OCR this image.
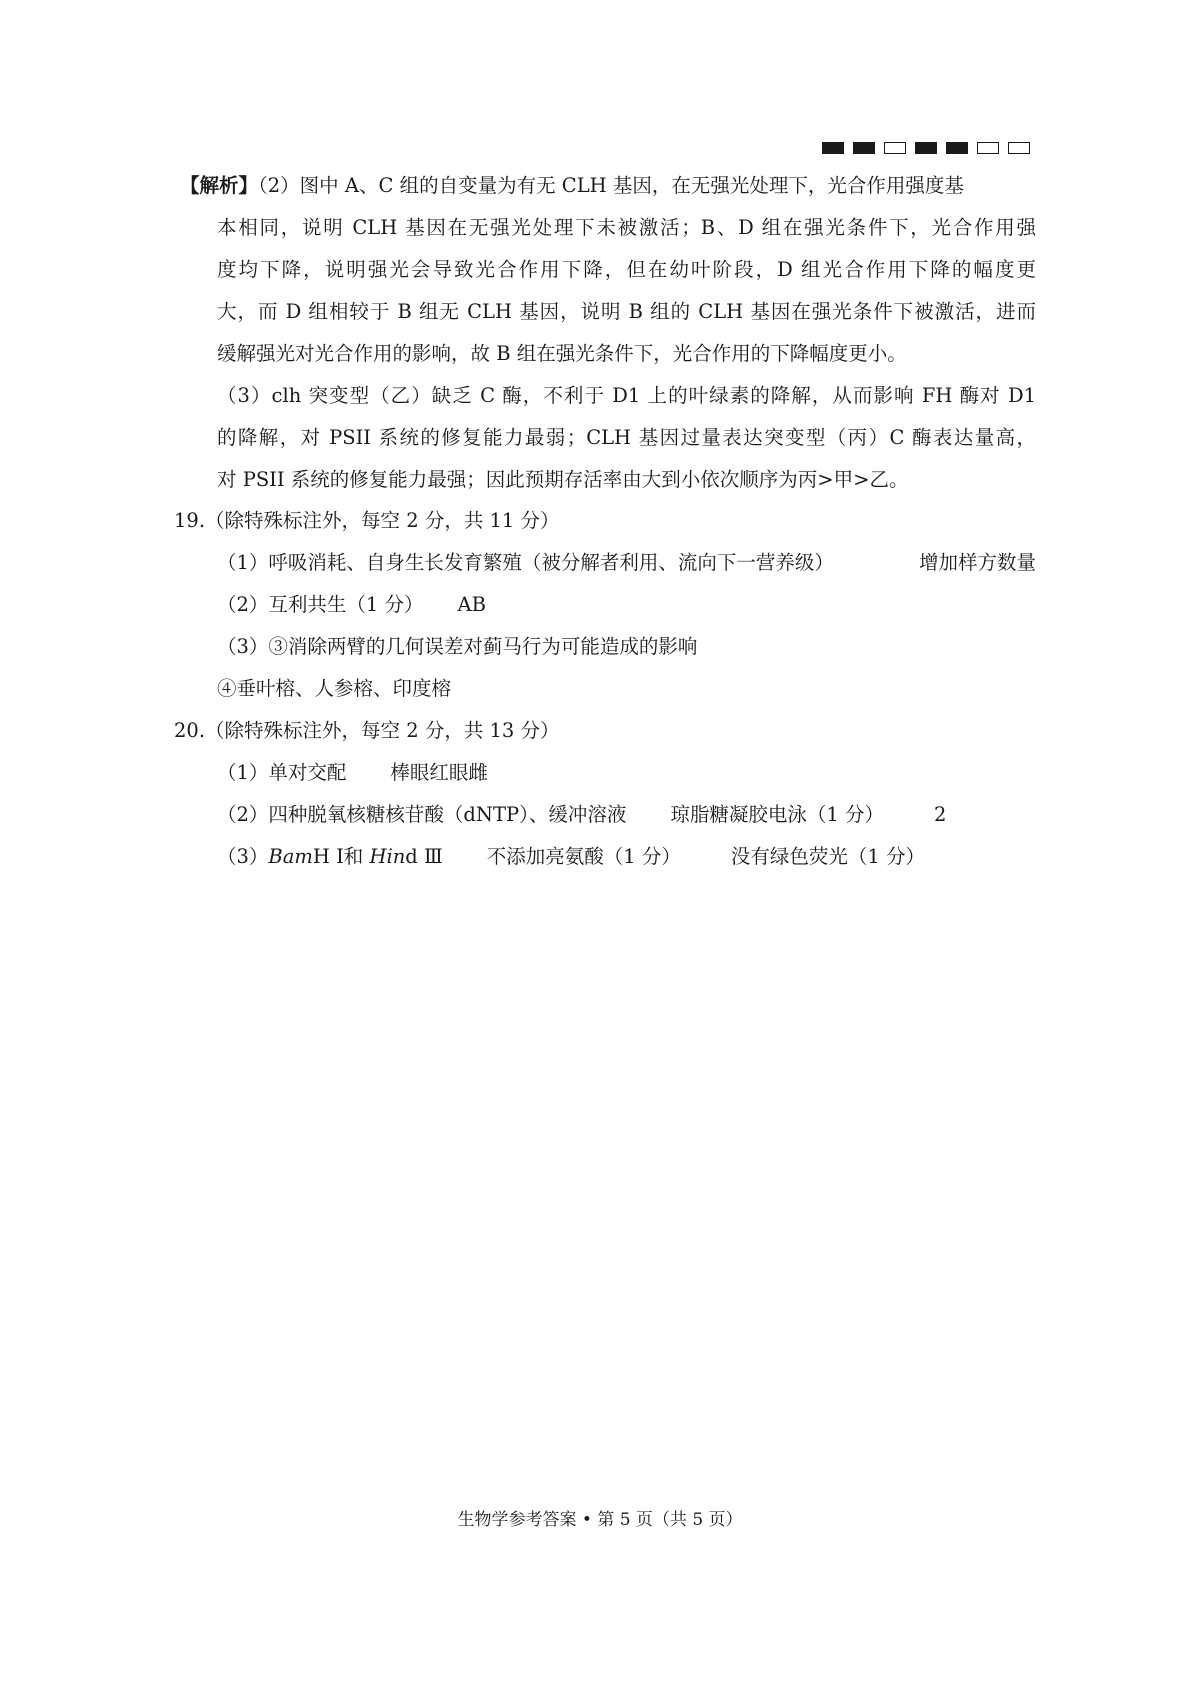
【解析】（2）图中 A、C 组的自变量为有无 CLH 基因，在无强光处理下，光合作用强度基
本相同，说明 CLH 基因在无强光处理下未被激活；B、D 组在强光条件下，光合作用强
度均下降，说明强光会导致光合作用下降，但在幼叶阶段，D 组光合作用下降的幅度更
大，而 D 组相较于 B 组无 CLH 基因，说明 B 组的 CLH 基因在强光条件下被激活，进而
缓解强光对光合作用的影响，故 B 组在强光条件下，光合作用的下降幅度更小。
（3）clh 突变型（乙）缺乏 C 酶，不利于 D1 上的叶绿素的降解，从而影响 FH 酶对 D1
的降解，对 PSII 系统的修复能力最弱；CLH 基因过量表达突变型（丙）C 酶表达量高，
对 PSII 系统的修复能力最强；因此预期存活率由大到小依次顺序为丙>甲>乙。
19.（除特殊标注外，每空 2 分，共 11 分）
（1）呼吸消耗、自身生长发育繁殖（被分解者利用、流向下一营养级）	增加样方数量
（2）互利共生（1 分） AB
（3）③消除两臂的几何误差对蓟马行为可能造成的影响
④垂叶榕、人参榕、印度榕
20.（除特殊标注外，每空 2 分，共 13 分）
（1）单对交配 棒眼红眼雌
（2）四种脱氧核糖核苷酸（dNTP）、缓冲溶液 琼脂糖凝胶电泳（1 分）	2
（3）BamH Ⅰ和 Hind Ⅲ 不添加亮氨酸（1 分）	没有绿色荧光（1 分）
生物学参考答案 • 第 5 页（共 5 页）
